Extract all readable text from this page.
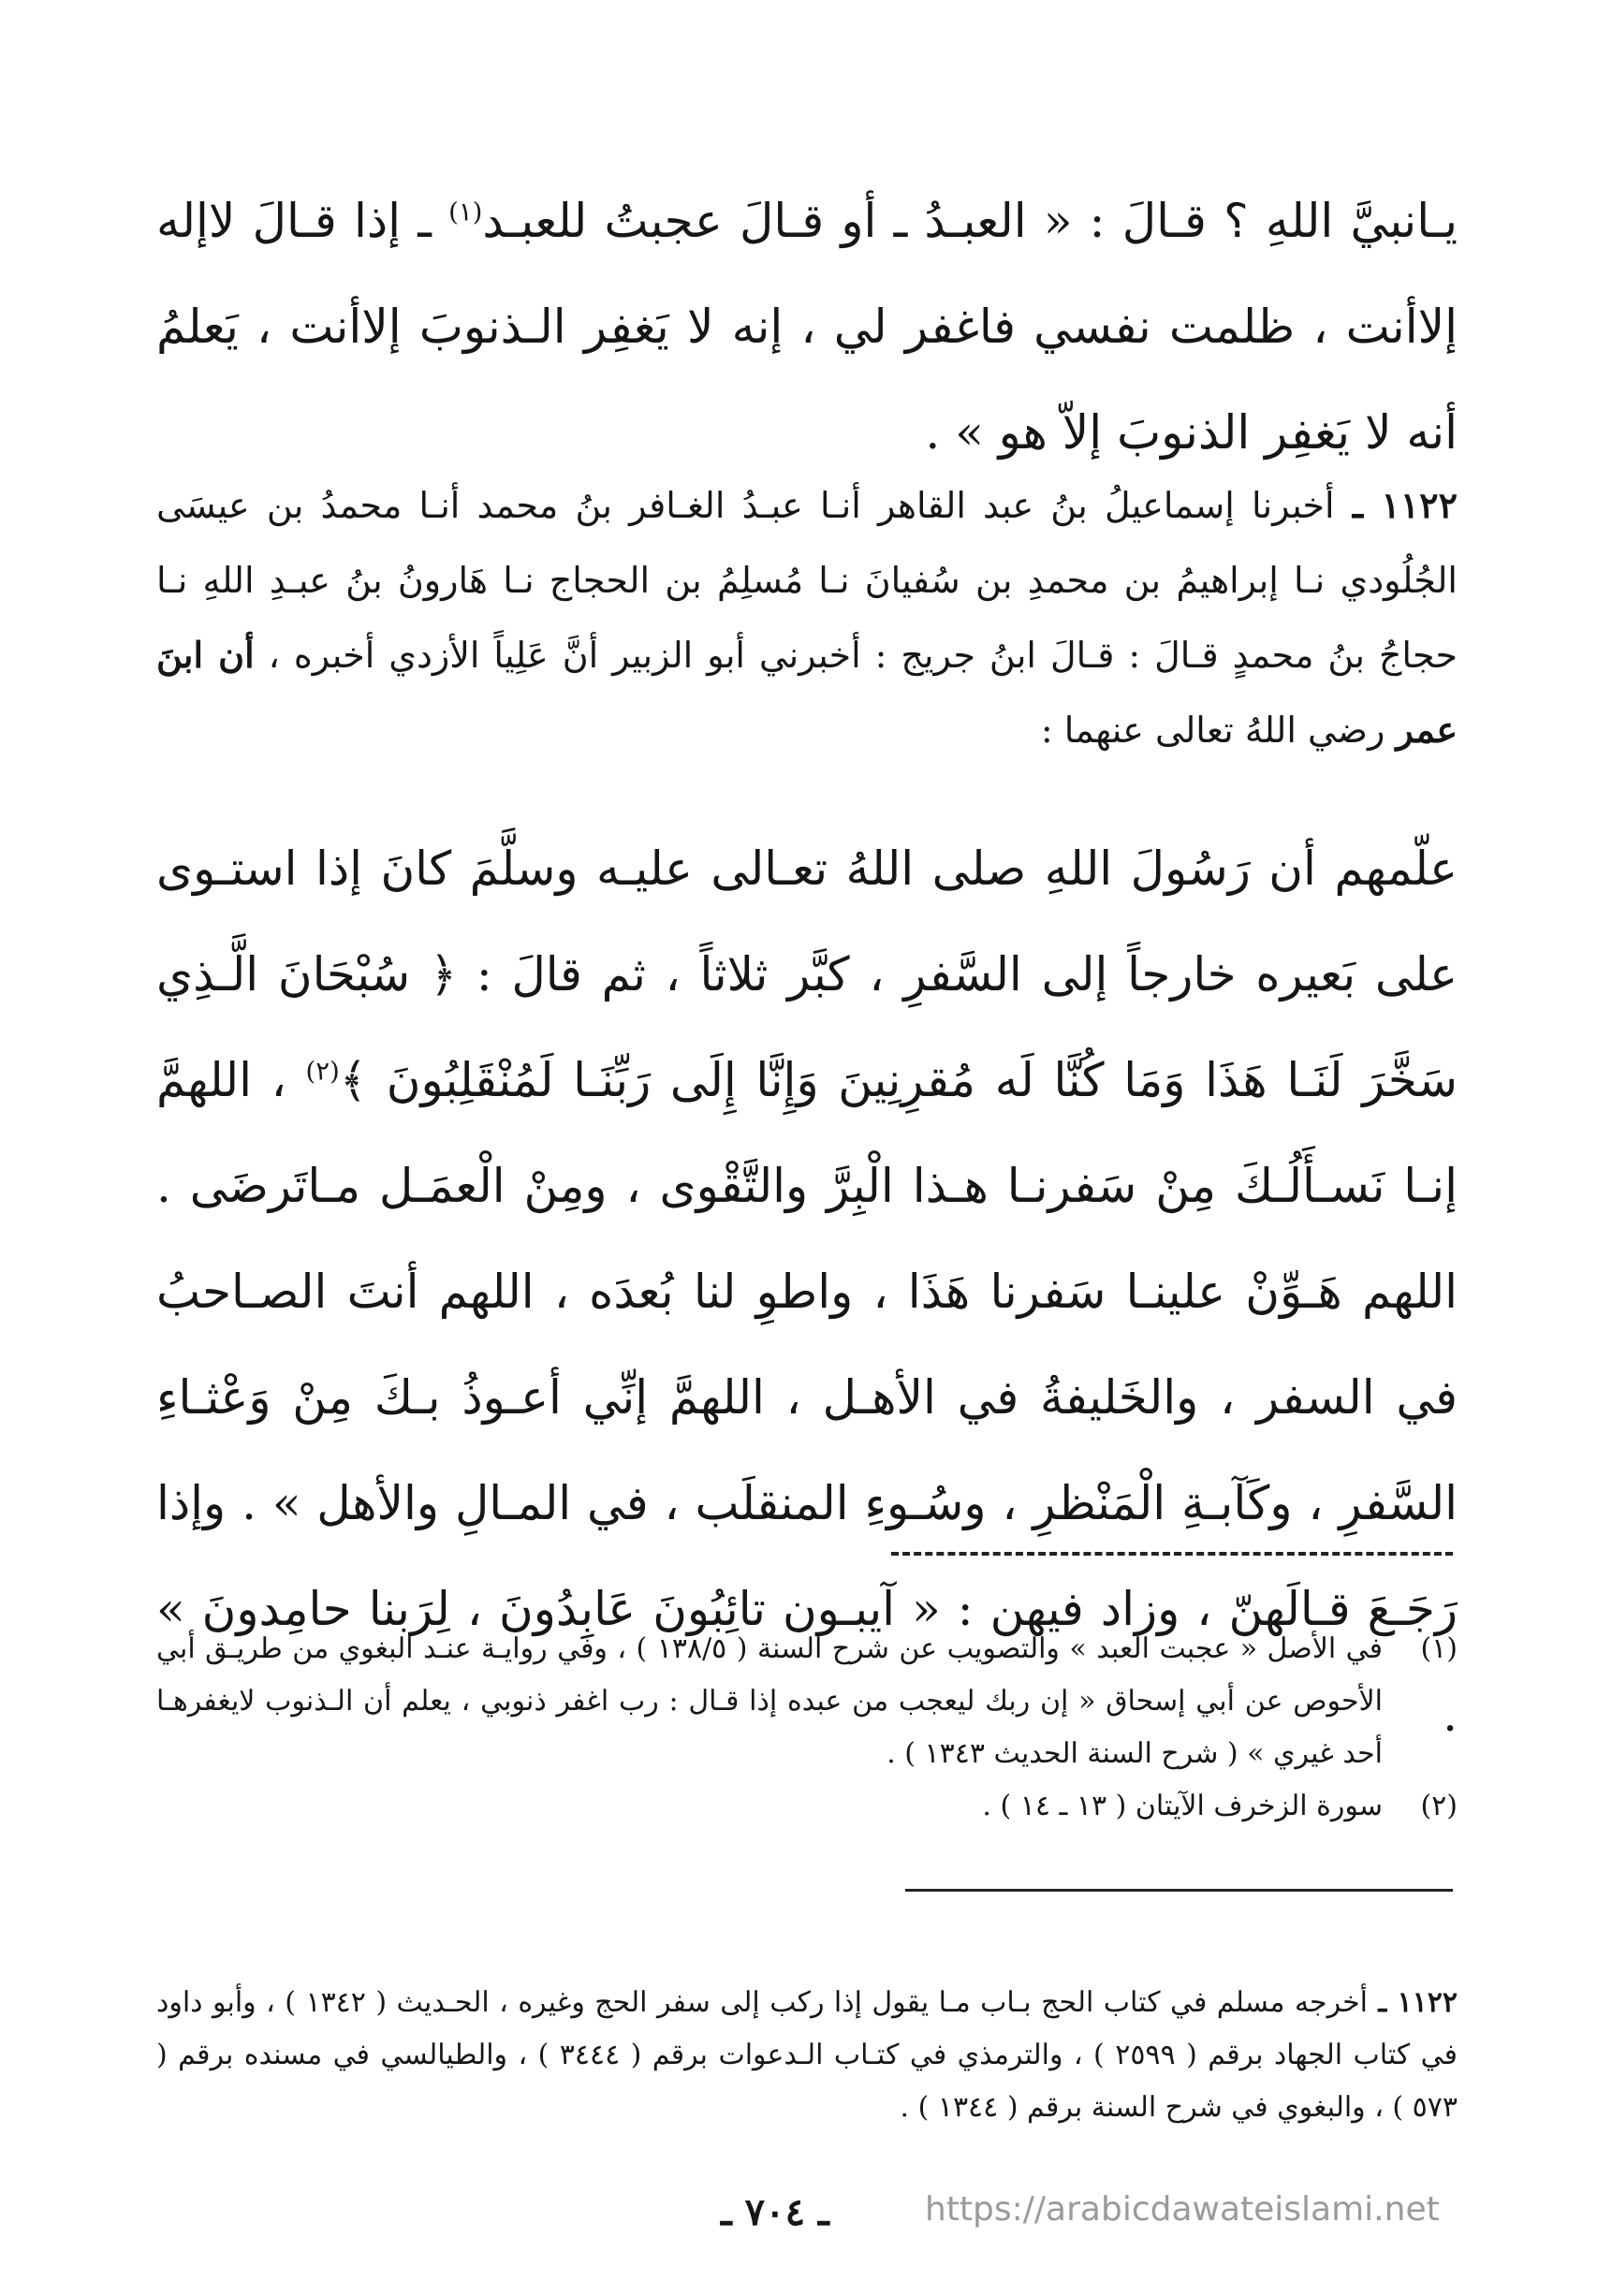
يـانبيَّ اللهِ ؟ قـالَ : « العبـدُ ـ أو قـالَ عجبتُ للعبـد$^{(١)}$ ـ إذا قـالَ لاإله إلاأنت ، ظلمت نفسي فاغفر لي ، إنه لا يَغفِر الـذنوبَ إلاأنت ، يَعلمُ أنه لا يَغفِر الذنوبَ إلاّ هو » .

١١٢٢ ـ أخبرنا إسماعيلُ بنُ عبد القاهر أنـا عبـدُ الغـافر بنُ محمد أنـا محمدُ بن عيسَى الجُلُودي نـا إبراهيمُ بن محمدِ بن سُفيانَ نـا مُسلِمُ بن الحجاج نـا هَارونُ بنُ عبـدِ اللهِ نـا حجاجُ بنُ محمدٍ قـالَ : قـالَ ابنُ جريج : أخبرني أبو الزبير أنَّ عَلِياً الأزدي أخبره ، أن ابنَ عمر رضي اللهُ تعالى عنهما :

علّمهم أن رَسُولَ اللهِ صلى اللهُ تعـالى عليـه وسلَّمَ كانَ إذا استـوى على بَعيره خارجاً إلى السَّفرِ ، كبَّر ثلاثاً ، ثم قالَ : ﴿ سُبْحَانَ الَّـذِي سَخَّرَ لَنَـا هَذَا وَمَا كُنَّا لَه مُقرِنِينَ وَإِنَّا إِلَى رَبِّنَـا لَمُنْقَلِبُونَ ﴾$^{(٢)}$ ، اللهمَّ إنـا نَسـأَلُـكَ مِنْ سَفرنـا هـذا الْبِرَّ والتَّقْوى ، ومِنْ الْعمَـل مـاتَرضَى . اللهم هَـوِّنْ علينـا سَفرنا هَذَا ، واطوِ لنا بُعدَه ، اللهم أنتَ الصـاحبُ في السفر ، والخَليفةُ في الأهـل ، اللهمَّ إنِّي أعـوذُ بـكَ مِنْ وَعْثـاءِ السَّفرِ ، وكَآبـةِ الْمَنْظرِ ، وسُـوءِ المنقلَب ، في المـالِ والأهل » . وإذا رَجَـعَ قـالَهنّ ، وزاد فيهن : « آيبـون تائِبُونَ عَابِدُونَ ، لِرَبنا حامِدونَ » .

(١)
في الأصل « عجبت العبد » والتصويب عن شرح السنة ( ١٣٨/٥ ) ، وفي روايـة عنـد البغوي من طريـق أبي الأحوص عن أبي إسحاق « إن ربك ليعجب من عبده إذا قـال : رب اغفر ذنوبي ، يعلم أن الـذنوب لايغفرهـا أحد غيري » ( شرح السنة الحديث ١٣٤٣ ) .
(٢)
سورة الزخرف الآيتان ( ١٣ ـ ١٤ ) .

١١٢٢ ـ أخرجه مسلم في كتاب الحج بـاب مـا يقول إذا ركب إلى سفر الحج وغيره ، الحـديث ( ١٣٤٢ ) ، وأبو داود في كتاب الجهاد برقم ( ٢٥٩٩ ) ، والترمذي في كتـاب الـدعوات برقم ( ٣٤٤٤ ) ، والطيالسي في مسنده برقم ( ٥٧٣ ) ، والبغوي في شرح السنة برقم ( ١٣٤٤ ) .

ـ ٧٠٤ ـ	https://arabicdawateislami.net
